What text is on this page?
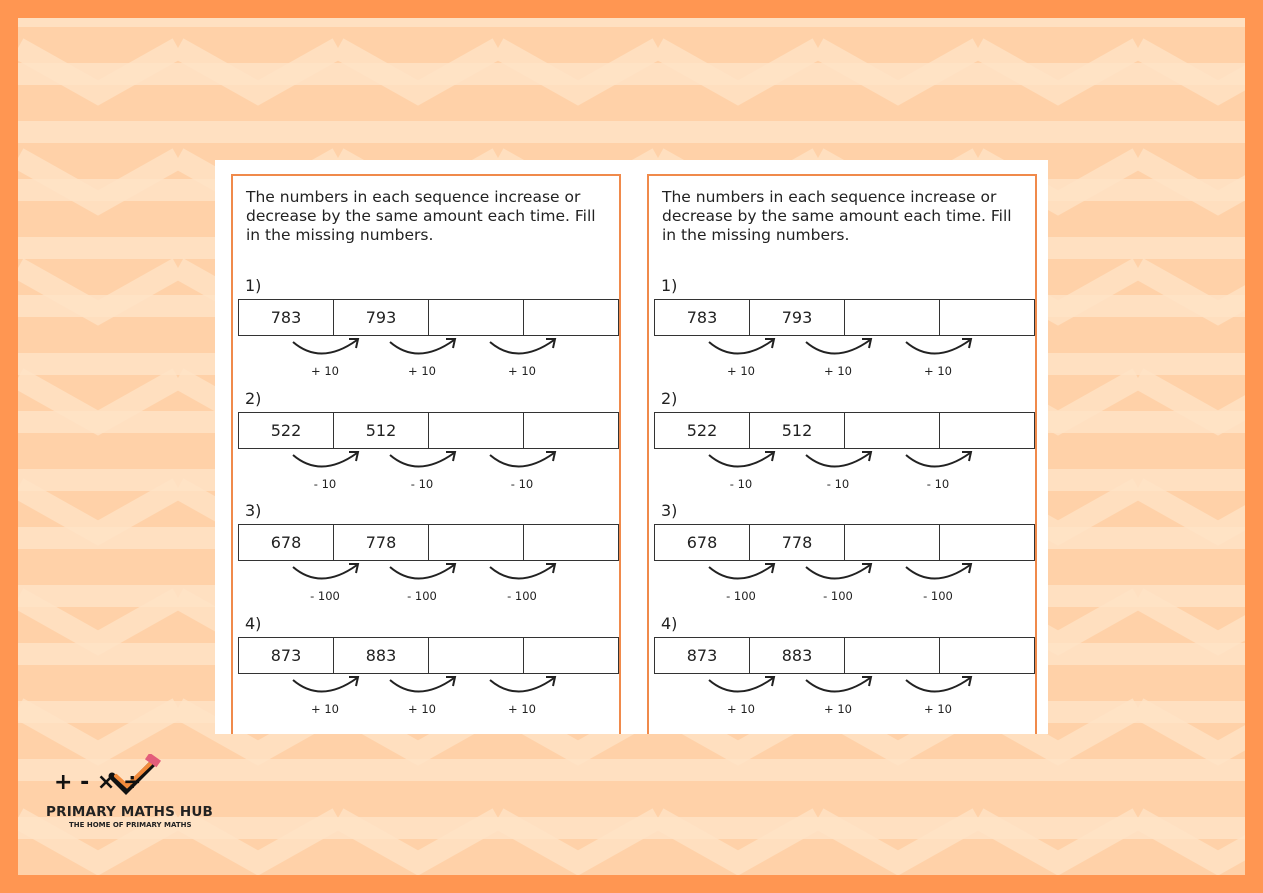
The numbers in each sequence increase or decrease by the same amount each time. Fill in the missing numbers.
1)
783	793
+ 10	+ 10	+ 10
2)
522	512
- 10	- 10	- 10
3)
678	778
- 100	- 100	- 100
4)
873	883
+ 10	+ 10	+ 10
The numbers in each sequence increase or decrease by the same amount each time. Fill in the missing numbers.
1)
783	793
+ 10	+ 10	+ 10
2)
522	512
- 10	- 10	- 10
3)
678	778
- 100	- 100	- 100
4)
873	883
+ 10	+ 10	+ 10
+ - × ÷
PRIMARY MATHS HUB
THE HOME OF PRIMARY MATHS
